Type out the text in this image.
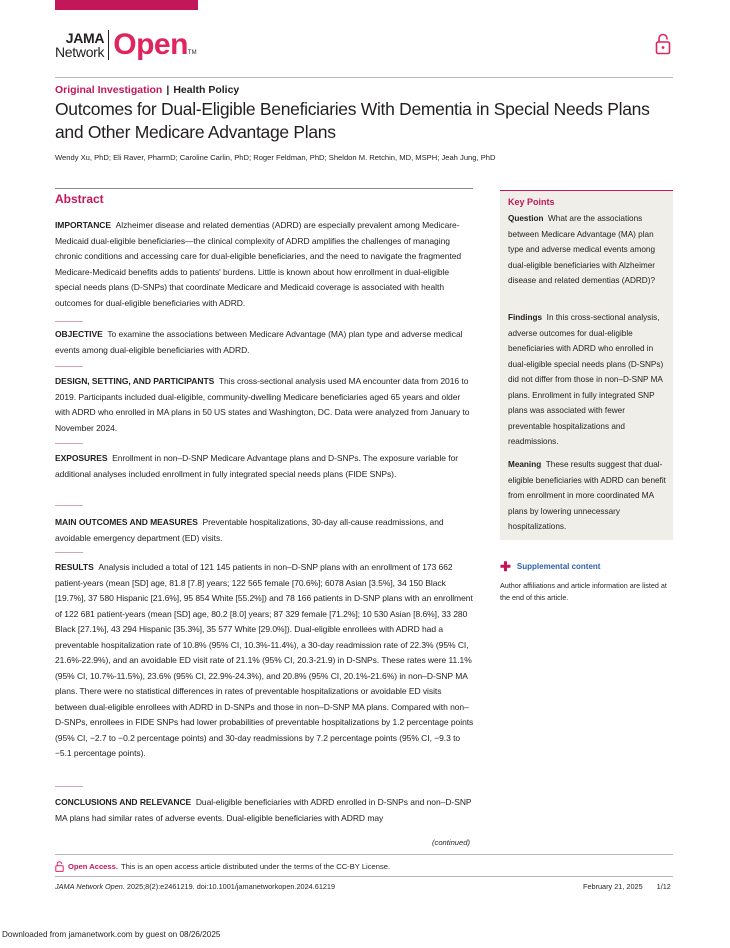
JAMA
Network Open TM
Original Investigation | Health Policy
Outcomes for Dual-Eligible Beneficiaries With Dementia in Special Needs Plans and Other Medicare Advantage Plans
Wendy Xu, PhD; Eli Raver, PharmD; Caroline Carlin, PhD; Roger Feldman, PhD; Sheldon M. Retchin, MD, MSPH; Jeah Jung, PhD
Abstract
IMPORTANCE Alzheimer disease and related dementias (ADRD) are especially prevalent among Medicare-Medicaid dual-eligible beneficiaries—the clinical complexity of ADRD amplifies the challenges of managing chronic conditions and accessing care for dual-eligible beneficiaries, and the need to navigate the fragmented Medicare-Medicaid benefits adds to patients' burdens. Little is known about how enrollment in dual-eligible special needs plans (D-SNPs) that coordinate Medicare and Medicaid coverage is associated with health outcomes for dual-eligible beneficiaries with ADRD.
OBJECTIVE To examine the associations between Medicare Advantage (MA) plan type and adverse medical events among dual-eligible beneficiaries with ADRD.
DESIGN, SETTING, AND PARTICIPANTS This cross-sectional analysis used MA encounter data from 2016 to 2019. Participants included dual-eligible, community-dwelling Medicare beneficiaries aged 65 years and older with ADRD who enrolled in MA plans in 50 US states and Washington, DC. Data were analyzed from January to November 2024.
EXPOSURES Enrollment in non–D-SNP Medicare Advantage plans and D-SNPs. The exposure variable for additional analyses included enrollment in fully integrated special needs plans (FIDE SNPs).
MAIN OUTCOMES AND MEASURES Preventable hospitalizations, 30-day all-cause readmissions, and avoidable emergency department (ED) visits.
RESULTS Analysis included a total of 121 145 patients in non–D-SNP plans with an enrollment of 173 662 patient-years (mean [SD] age, 81.8 [7.8] years; 122 565 female [70.6%]; 6078 Asian [3.5%], 34 150 Black [19.7%], 37 580 Hispanic [21.6%], 95 854 White [55.2%]) and 78 166 patients in D-SNP plans with an enrollment of 122 681 patient-years (mean [SD] age, 80.2 [8.0] years; 87 329 female [71.2%]; 10 530 Asian [8.6%], 33 280 Black [27.1%], 43 294 Hispanic [35.3%], 35 577 White [29.0%]). Dual-eligible enrollees with ADRD had a preventable hospitalization rate of 10.8% (95% CI, 10.3%-11.4%), a 30-day readmission rate of 22.3% (95% CI, 21.6%-22.9%), and an avoidable ED visit rate of 21.1% (95% CI, 20.3-21.9) in D-SNPs. These rates were 11.1% (95% CI, 10.7%-11.5%), 23.6% (95% CI, 22.9%-24.3%), and 20.8% (95% CI, 20.1%-21.6%) in non–D-SNP MA plans. There were no statistical differences in rates of preventable hospitalizations or avoidable ED visits between dual-eligible enrollees with ADRD in D-SNPs and those in non–D-SNP MA plans. Compared with non–D-SNPs, enrollees in FIDE SNPs had lower probabilities of preventable hospitalizations by 1.2 percentage points (95% CI, −2.7 to −0.2 percentage points) and 30-day readmissions by 7.2 percentage points (95% CI, −9.3 to −5.1 percentage points).
CONCLUSIONS AND RELEVANCE Dual-eligible beneficiaries with ADRD enrolled in D-SNPs and non–D-SNP MA plans had similar rates of adverse events. Dual-eligible beneficiaries with ADRD may
(continued)
Key Points
Question What are the associations between Medicare Advantage (MA) plan type and adverse medical events among dual-eligible beneficiaries with Alzheimer disease and related dementias (ADRD)?
Findings In this cross-sectional analysis, adverse outcomes for dual-eligible beneficiaries with ADRD who enrolled in dual-eligible special needs plans (D-SNPs) did not differ from those in non–D-SNP MA plans. Enrollment in fully integrated SNP plans was associated with fewer preventable hospitalizations and readmissions.
Meaning These results suggest that dual-eligible beneficiaries with ADRD can benefit from enrollment in more coordinated MA plans by lowering unnecessary hospitalizations.
✚ Supplemental content
Author affiliations and article information are listed at the end of this article.
Open Access. This is an open access article distributed under the terms of the CC-BY License.
JAMA Network Open. 2025;8(2):e2461219. doi:10.1001/jamanetworkopen.2024.61219	February 21, 2025 1/12
Downloaded from jamanetwork.com by guest on 08/26/2025
